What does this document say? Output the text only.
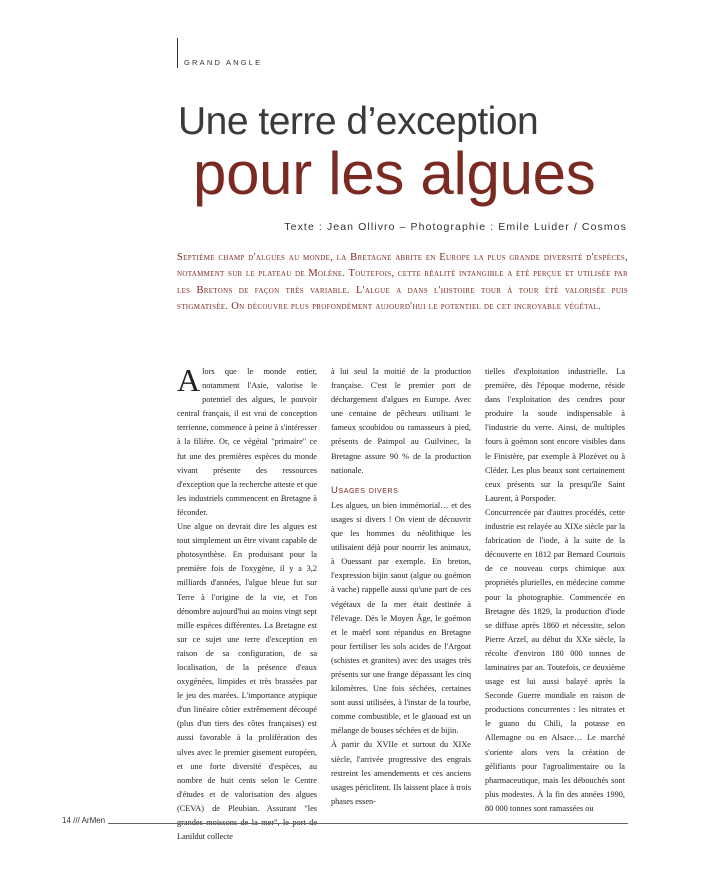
GRAND ANGLE
Une terre d’exception
pour les algues
Texte : Jean Ollivro – Photographie : Emile Luider / Cosmos
Septième champ d'algues au monde, la Bretagne abrite en Europe la plus grande diversité d'espèces, notamment sur le plateau de Molène. Toutefois, cette réalité intangible a été perçue et utilisée par les Bretons de façon très variable. L'algue a dans l'histoire tour à tour été valorisée puis stigmatisée. On découvre plus profondément aujourd'hui le potentiel de cet incroyable végétal.
A lors que le monde entier, notamment l'Asie, valorise le potentiel des algues, le pouvoir central français, il est vrai de conception terrienne, commence à peine à s'intéresser à la filière. Or, ce végétal "primaire" ce fut une des premières espèces du monde vivant présente des ressources d'exception que la recherche atteste et que les industriels commencent en Bretagne à féconder.

Une algue on devrait dire les algues est tout simplement un être vivant capable de photosynthèse. En produisant pour la première fois de l'oxygène, il y a 3,2 milliards d'années, l'algue bleue fut sur Terre à l'origine de la vie, et l'on dénombre aujourd'hui au moins vingt sept mille espèces différentes. La Bretagne est sur ce sujet une terre d'exception en raison de sa configuration, de sa localisation, de la présence d'eaux oxygénées, limpides et très brassées par le jeu des marées. L'importance atypique d'un linéaire côtier extrêmement découpé (plus d'un tiers des côtes françaises) est aussi favorable à la prolifération des ulves avec le premier gisement européen, et une forte diversité d'espèces, au nombre de huit cents selon le Centre d'études et de valorisation des algues (CEVA) de Pleubian. Assurant "les Lanildut collecte

à lui seul la moitié de la production française. C'est le premier port de déchargement d'algues en Europe. Avec une centaine de pêcheurs utilisant le fameux scoubidou ou ramasseurs à pied, présents de Paimpol au Guilvinec, la Bretagne assure 90 % de la production nationale.

Usages divers

Les algues, un bien immémorial… et des usages si divers ! On vient de découvrir que les hommes du néolithique les utilisaient déjà pour nourrir les animaux, à Ouessant par exemple. En breton, l'expression bijin saout (algue ou goémon à vache) rappelle aussi qu'une part de ces végétaux de la mer était destinée à l'élevage. Dès le Moyen Âge, le goémon et le maërl sont répandus en Bretagne pour fertiliser les sols acides de l'Argoat (schistes et granites) avec des usages très présents sur une frange dépassant les cinq kilomètres. Une fois séchées, certaines sont aussi utilisées, à l'instar de la tourbe, comme combustible, et le glaouad est un mélange de bouses séchées et de bijin.

À partir du XVIIe et surtout du XIXe siècle, l'arrivée progressive des engrais restreint les amendements et ces anciens usages périclitent. Ils laissent place à trois phases essen-

tielles d'exploitation industrielle. La première, dès l'époque moderne, réside dans l'exploitation des cendres pour produire la soude indispensable à l'industrie du verre. Ainsi, de multiples fours à goémon sont encore visibles dans le Finistère, par exemple à Plozévet ou à Cléder. Les plus beaux sont certainement ceux présents sur la presqu'île Saint Laurent, à Porspoder.

Concurrencée par d'autres procédés, cette industrie est relayée au XIXe siècle par la fabrication de l'iode, à la suite de la découverte en 1812 par Bernard Courtois de ce nouveau corps chimique aux propriétés plurielles, en médecine comme pour la photographie. Commencée en Bretagne dès 1829, la production d'iode se diffuse après 1860 et nécessite, selon Pierre Arzel, au début du XXe siècle, la récolte d'environ 180 000 tonnes de laminaires par an. Toutefois, ce deuxième usage est lui aussi balayé après la Seconde Guerre mondiale en raison de productions concurrentes : les nitrates et le guano du Chili, la potasse en Allemagne ou en Alsace… Le marché s'oriente alors vers la création de gélifiants pour l'agroalimentaire ou la pharmaceutique, mais les débouchés sont plus modestes. À la fin des années 1990, 80 000 tonnes sont ramassées ou

14 /// ArMen
